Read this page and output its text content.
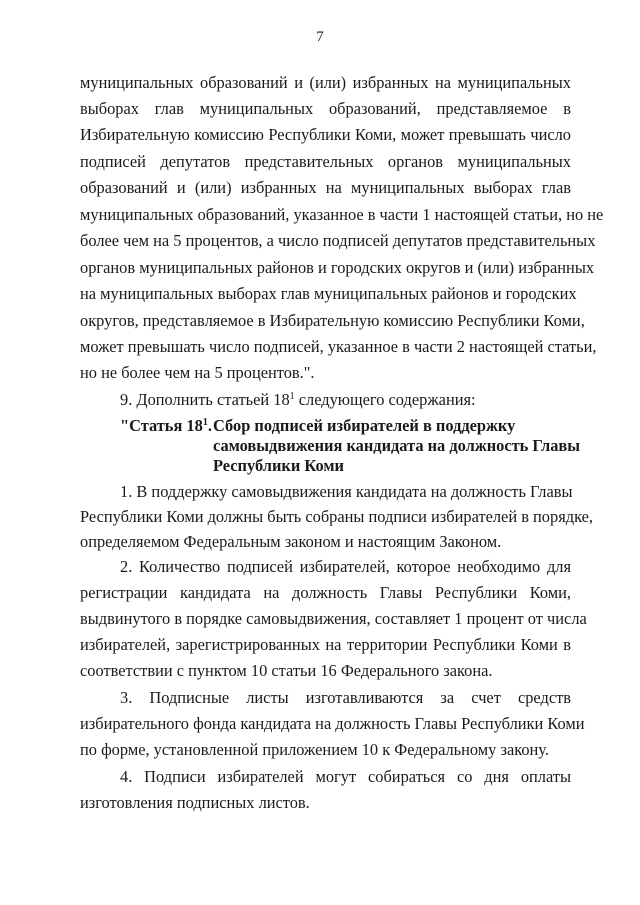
7
муниципальных образований и (или) избранных на муниципальных
выборах глав муниципальных образований, представляемое в
Избирательную комиссию Республики Коми, может превышать число
подписей депутатов представительных органов муниципальных
образований и (или) избранных на муниципальных выборах глав
муниципальных образований, указанное в части 1 настоящей статьи, но не
более чем на 5 процентов, а число подписей депутатов представительных
органов муниципальных районов и городских округов и (или) избранных
на муниципальных выборах глав муниципальных районов и городских
округов, представляемое в Избирательную комиссию Республики Коми,
может превышать число подписей, указанное в части 2 настоящей статьи,
но не более чем на 5 процентов.".
9. Дополнить статьей $18^1$ следующего содержания:
"Статья $18^1$. Сбор подписей избирателей в поддержку
самовыдвижения кандидата на должность Главы
Республики Коми
1. В поддержку самовыдвижения кандидата на должность Главы
Республики Коми должны быть собраны подписи избирателей в порядке,
определяемом Федеральным законом и настоящим Законом.
2. Количество подписей избирателей, которое необходимо для
регистрации кандидата на должность Главы Республики Коми,
выдвинутого в порядке самовыдвижения, составляет 1 процент от числа
избирателей, зарегистрированных на территории Республики Коми в
соответствии с пунктом 10 статьи 16 Федерального закона.
3. Подписные листы изготавливаются за счет средств
избирательного фонда кандидата на должность Главы Республики Коми
по форме, установленной приложением 10 к Федеральному закону.
4. Подписи избирателей могут собираться со дня оплаты
изготовления подписных листов.
